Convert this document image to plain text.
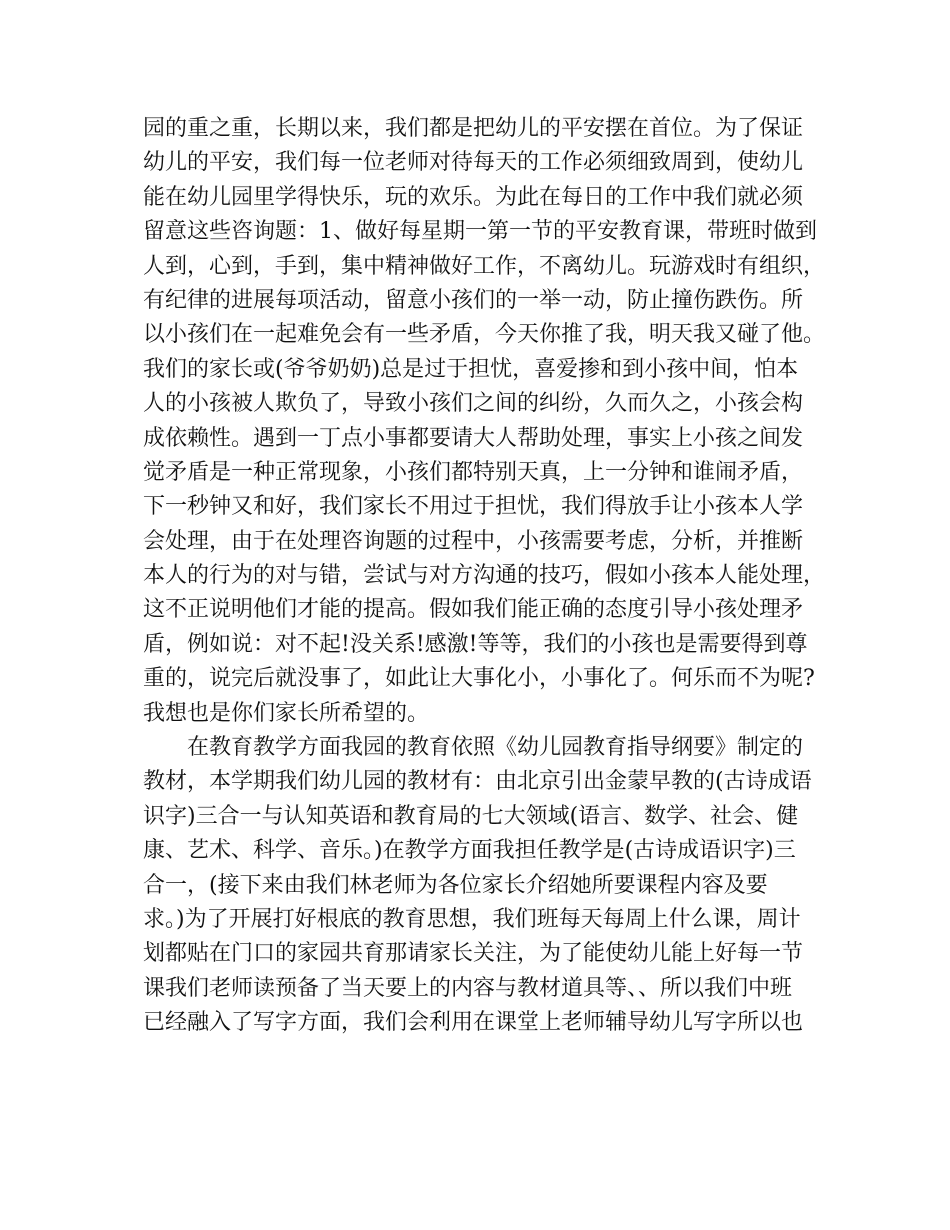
园的重之重，长期以来，我们都是把幼儿的平安摆在首位。为了保证
幼儿的平安，我们每一位老师对待每天的工作必须细致周到，使幼儿
能在幼儿园里学得快乐，玩的欢乐。为此在每日的工作中我们就必须
留意这些咨询题：1、做好每星期一第一节的平安教育课，带班时做到
人到，心到，手到，集中精神做好工作，不离幼儿。玩游戏时有组织，
有纪律的进展每项活动，留意小孩们的一举一动，防止撞伤跌伤。所
以小孩们在一起难免会有一些矛盾，今天你推了我，明天我又碰了他。
我们的家长或(爷爷奶奶)总是过于担忧，喜爱掺和到小孩中间，怕本
人的小孩被人欺负了，导致小孩们之间的纠纷，久而久之，小孩会构
成依赖性。遇到一丁点小事都要请大人帮助处理，事实上小孩之间发
觉矛盾是一种正常现象，小孩们都特别天真，上一分钟和谁闹矛盾，
下一秒钟又和好，我们家长不用过于担忧，我们得放手让小孩本人学
会处理，由于在处理咨询题的过程中，小孩需要考虑，分析，并推断
本人的行为的对与错，尝试与对方沟通的技巧，假如小孩本人能处理，
这不正说明他们才能的提高。假如我们能正确的态度引导小孩处理矛
盾，例如说：对不起!没关系!感激!等等，我们的小孩也是需要得到尊
重的，说完后就没事了，如此让大事化小，小事化了。何乐而不为呢?
我想也是你们家长所希望的。
在教育教学方面我园的教育依照《幼儿园教育指导纲要》制定的
教材，本学期我们幼儿园的教材有：由北京引出金蒙早教的(古诗成语
识字)三合一与认知英语和教育局的七大领域(语言、数学、社会、健
康、艺术、科学、音乐。)在教学方面我担任教学是(古诗成语识字)三
合一，(接下来由我们林老师为各位家长介绍她所要课程内容及要
求。)为了开展打好根底的教育思想，我们班每天每周上什么课，周计
划都贴在门口的家园共育那请家长关注，为了能使幼儿能上好每一节
课我们老师读预备了当天要上的内容与教材道具等、、所以我们中班
已经融入了写字方面，我们会利用在课堂上老师辅导幼儿写字所以也
